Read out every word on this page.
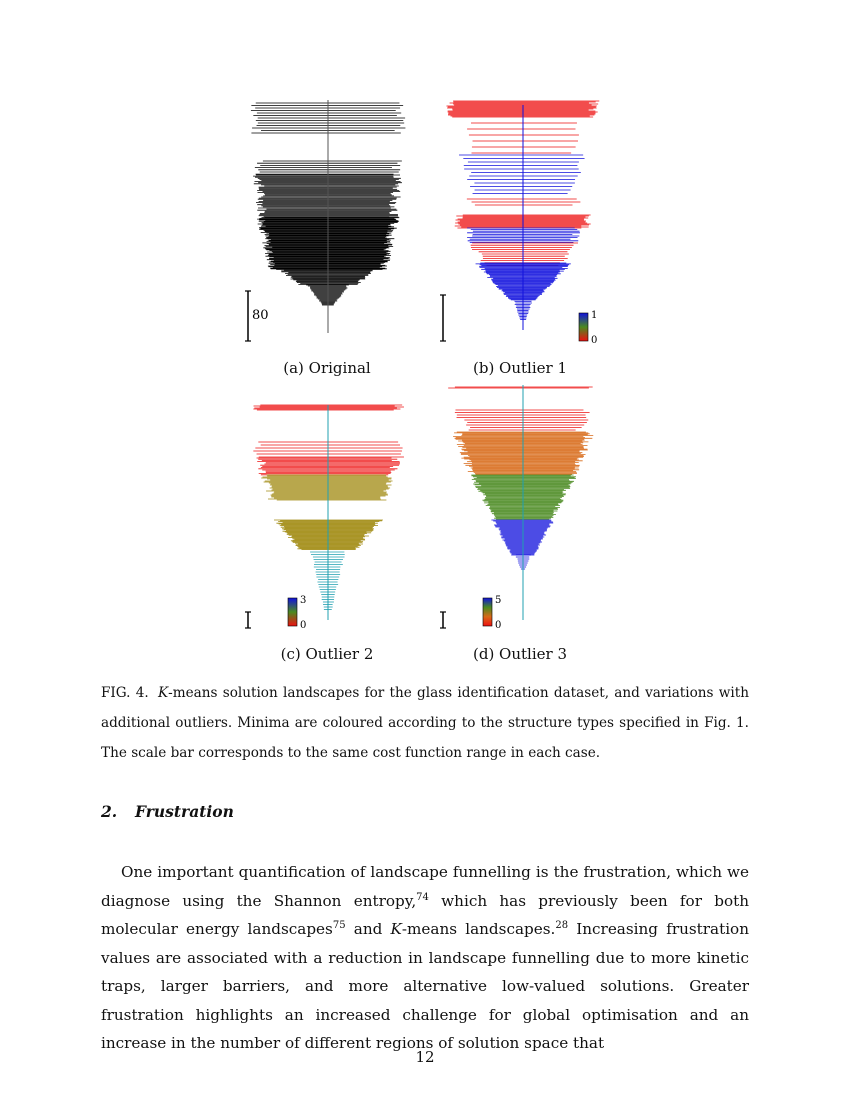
80
(a) Original
1
0
(b) Outlier 1
3
0
(c) Outlier 2
5
0
(d) Outlier 3
FIG. 4. K-means solution landscapes for the glass identification dataset, and variations with additional outliers. Minima are coloured according to the structure types specified in Fig. 1. The scale bar corresponds to the same cost function range in each case.
2. Frustration

One important quantification of landscape funnelling is the frustration, which we diagnose using the Shannon entropy,$^{74}$ which has previously been for both molecular energy landscapes$^{75}$ and K-means landscapes.$^{28}$ Increasing frustration values are associated with a reduction in landscape funnelling due to more kinetic traps, larger barriers, and more alternative low-valued solutions. Greater frustration highlights an increased challenge for global optimisation and an increase in the number of different regions of solution space that

12
